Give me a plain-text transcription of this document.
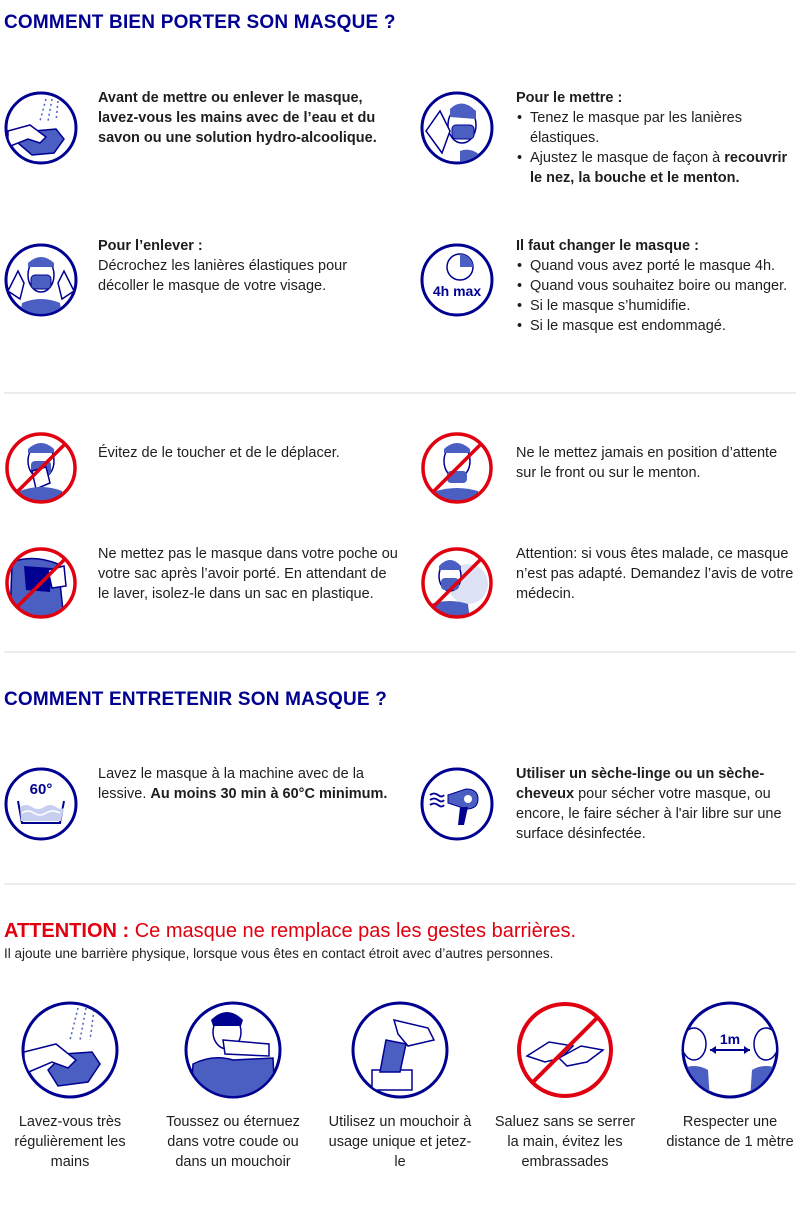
COMMENT BIEN PORTER SON MASQUE ?
Avant de mettre ou enlever le masque, lavez-vous les mains avec de l’eau et du savon ou une solution hydro-alcoolique.
Pour le mettre :
• Tenez le masque par les lanières élastiques.
• Ajustez le masque de façon à recouvrir le nez, la bouche et le menton.
Pour l’enlever :
Décrochez les lanières élastiques pour décoller le masque de votre visage.	4h max
Il faut changer le masque :
• Quand vous avez porté le masque 4h.
• Quand vous souhaitez boire ou manger.
• Si le masque s’humidifie.
• Si le masque est endommagé.
Évitez de le toucher et de le déplacer.	Ne le mettez jamais en position d’attente sur le front ou sur le menton.
Ne mettez pas le masque dans votre poche ou votre sac après l’avoir porté. En attendant de le laver, isolez-le dans un sac en plastique.
Attention: si vous êtes malade, ce masque n’est pas adapté. Demandez l’avis de votre médecin.
COMMENT ENTRETENIR SON MASQUE ?
60°
Lavez le masque à la machine avec de la lessive. Au moins 30 min à 60°C minimum.
Utiliser un sèche-linge ou un sèche-cheveux pour sécher votre masque, ou encore, le faire sécher à l'air libre sur une surface désinfectée.
ATTENTION : Ce masque ne remplace pas les gestes barrières.
Il ajoute une barrière physique, lorsque vous êtes en contact étroit avec d’autres personnes.
1m
Lavez-vous très régulièrement les mains
Toussez ou éternuez dans votre coude ou dans un mouchoir
Utilisez un mouchoir à usage unique et jetez-le
Saluez sans se serrer la main, évitez les embrassades
Respecter une distance de 1 mètre
